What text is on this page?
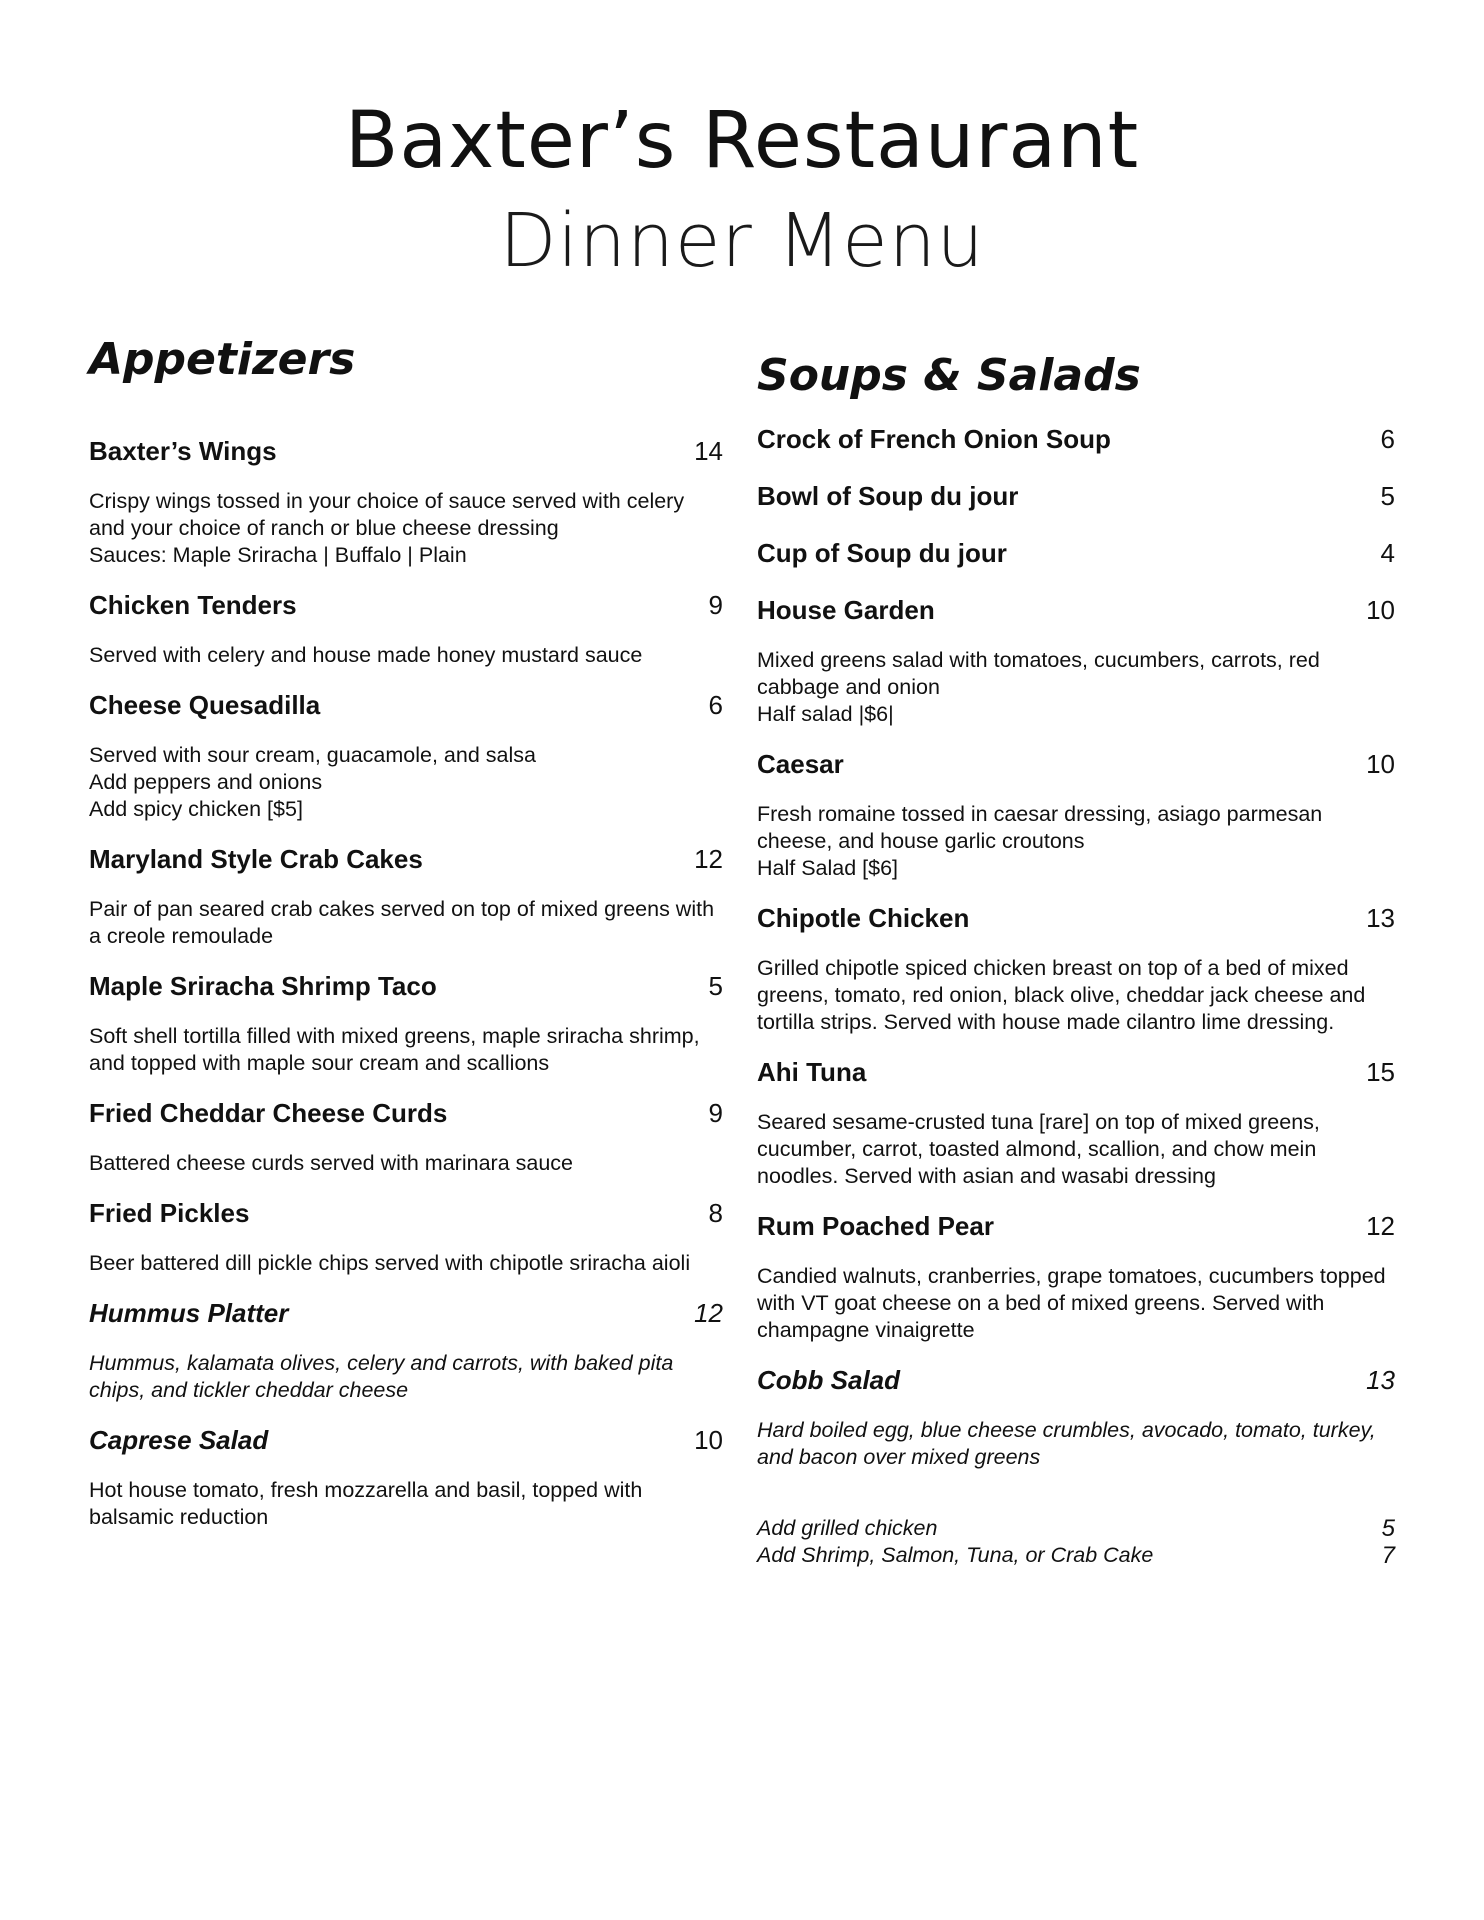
Baxter’s Restaurant
Dinner Menu
Appetizers
Baxter’s Wings	14
Crispy wings tossed in your choice of sauce served with celery and your choice of ranch or blue cheese dressing
Sauces: Maple Sriracha | Buffalo | Plain
Chicken Tenders	9
Served with celery and house made honey mustard sauce
Cheese Quesadilla	6
Served with sour cream, guacamole, and salsa
Add peppers and onions
Add spicy chicken [$5]
Maryland Style Crab Cakes	12
Pair of pan seared crab cakes served on top of mixed greens with a creole remoulade
Maple Sriracha Shrimp Taco	5
Soft shell tortilla filled with mixed greens, maple sriracha shrimp, and topped with maple sour cream and scallions
Fried Cheddar Cheese Curds	9
Battered cheese curds served with marinara sauce
Fried Pickles	8
Beer battered dill pickle chips served with chipotle sriracha aioli
Hummus Platter	12
Hummus, kalamata olives, celery and carrots, with baked pita chips, and tickler cheddar cheese
Caprese Salad	10
Hot house tomato, fresh mozzarella and basil, topped with balsamic reduction
Soups & Salads
Crock of French Onion Soup	6
Bowl of Soup du jour	5
Cup of Soup du jour	4
House Garden	10
Mixed greens salad with tomatoes, cucumbers, carrots, red cabbage and onion
Half salad |$6|
Caesar	10
Fresh romaine tossed in caesar dressing, asiago parmesan cheese, and house garlic croutons
Half Salad [$6]
Chipotle Chicken	13
Grilled chipotle spiced chicken breast on top of a bed of mixed greens, tomato, red onion, black olive, cheddar jack cheese and tortilla strips. Served with house made cilantro lime dressing.
Ahi Tuna	15
Seared sesame-crusted tuna [rare] on top of mixed greens, cucumber, carrot, toasted almond, scallion, and chow mein noodles. Served with asian and wasabi dressing
Rum Poached Pear	12
Candied walnuts, cranberries, grape tomatoes, cucumbers topped with VT goat cheese on a bed of mixed greens. Served with champagne vinaigrette
Cobb Salad	13
Hard boiled egg, blue cheese crumbles, avocado, tomato, turkey, and bacon over mixed greens
Add grilled chicken	5
Add Shrimp, Salmon, Tuna, or Crab Cake	7
